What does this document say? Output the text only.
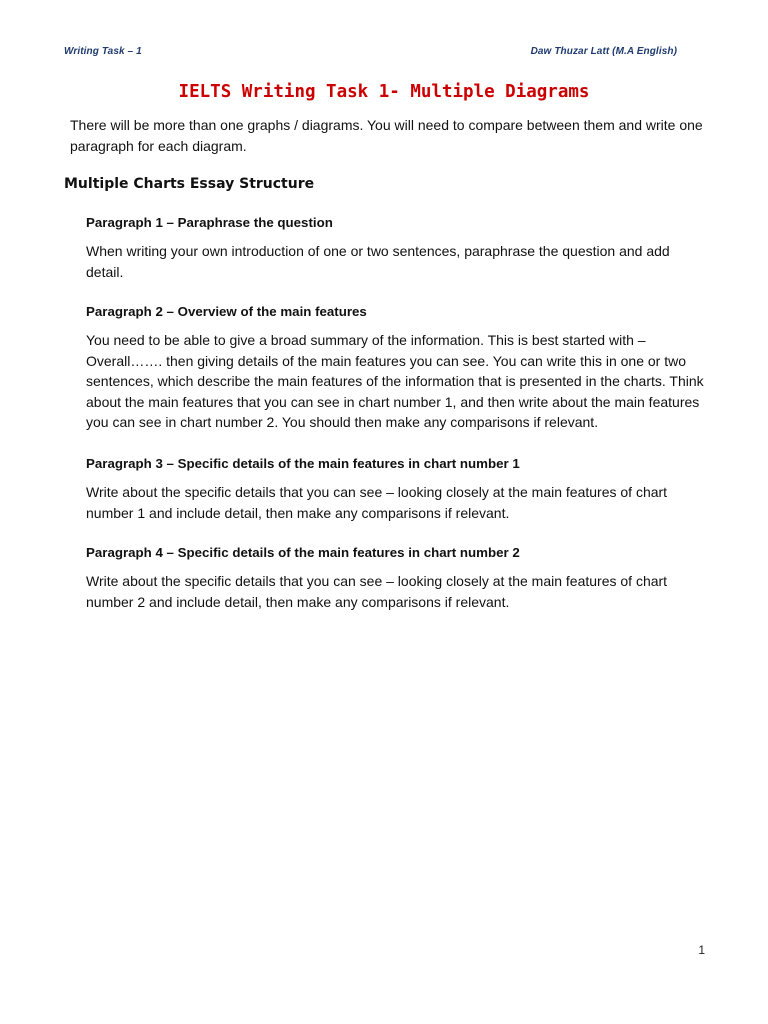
Writing Task – 1	Daw Thuzar Latt (M.A English)
IELTS Writing Task 1- Multiple Diagrams

There will be more than one graphs / diagrams. You will need to compare between them and write one paragraph for each diagram.

Multiple Charts Essay Structure

Paragraph 1 – Paraphrase the question

When writing your own introduction of one or two sentences, paraphrase the question and add detail.

Paragraph 2 – Overview of the main features

You need to be able to give a broad summary of the information. This is best started with – Overall……. then giving details of the main features you can see. You can write this in one or two sentences, which describe the main features of the information that is presented in the charts. Think about the main features that you can see in chart number 1, and then write about the main features you can see in chart number 2. You should then make any comparisons if relevant.

Paragraph 3 – Specific details of the main features in chart number 1

Write about the specific details that you can see – looking closely at the main features of chart number 1 and include detail, then make any comparisons if relevant.

Paragraph 4 – Specific details of the main features in chart number 2

Write about the specific details that you can see – looking closely at the main features of chart number 2 and include detail, then make any comparisons if relevant.

1
